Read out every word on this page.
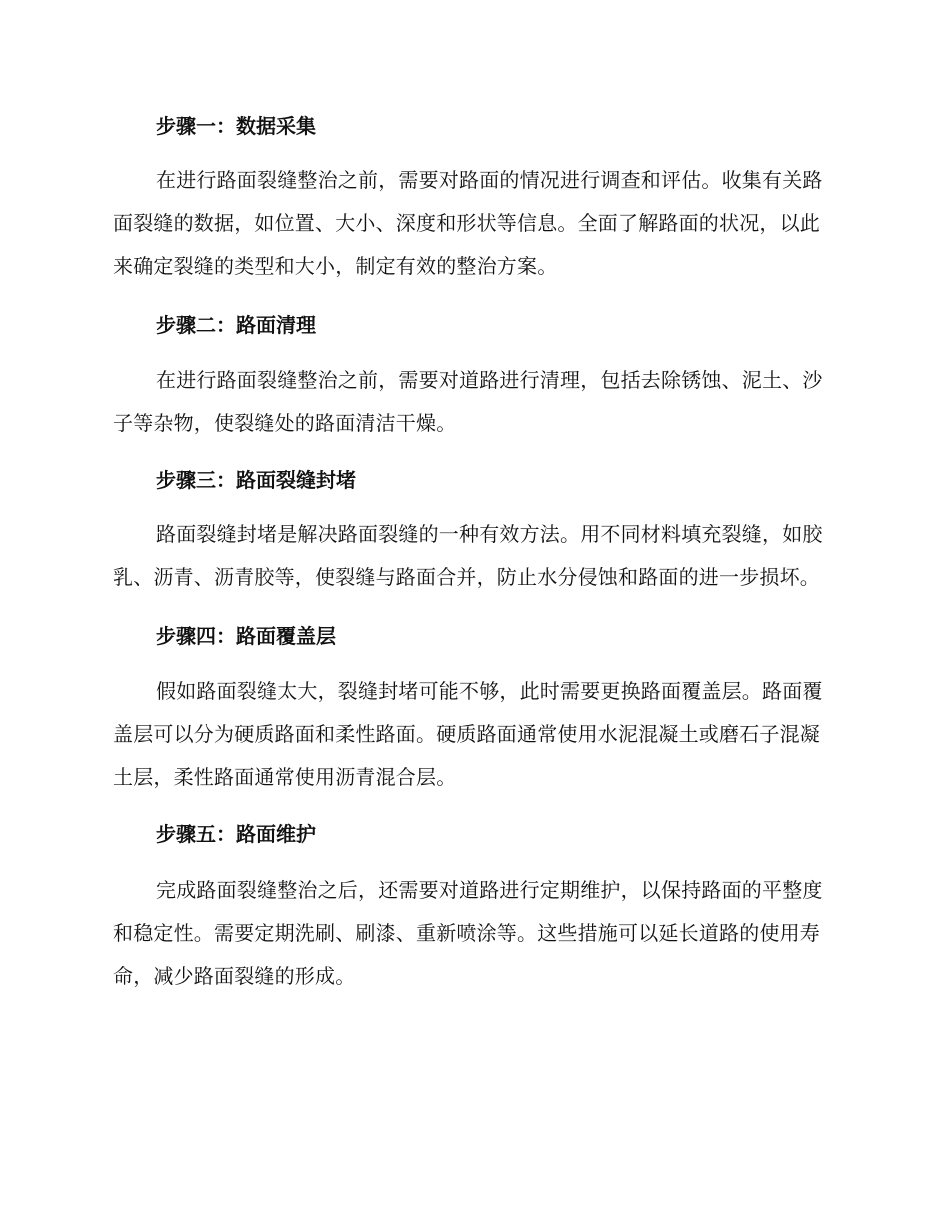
步骤一：数据采集

在进行路面裂缝整治之前，需要对路面的情况进行调查和评估。收集有关路面裂缝的数据，如位置、大小、深度和形状等信息。全面了解路面的状况，以此来确定裂缝的类型和大小，制定有效的整治方案。

步骤二：路面清理

在进行路面裂缝整治之前，需要对道路进行清理，包括去除锈蚀、泥土、沙子等杂物，使裂缝处的路面清洁干燥。

步骤三：路面裂缝封堵

路面裂缝封堵是解决路面裂缝的一种有效方法。用不同材料填充裂缝，如胶乳、沥青、沥青胶等，使裂缝与路面合并，防止水分侵蚀和路面的进一步损坏。

步骤四：路面覆盖层

假如路面裂缝太大，裂缝封堵可能不够，此时需要更换路面覆盖层。路面覆盖层可以分为硬质路面和柔性路面。硬质路面通常使用水泥混凝土或磨石子混凝土层，柔性路面通常使用沥青混合层。

步骤五：路面维护

完成路面裂缝整治之后，还需要对道路进行定期维护，以保持路面的平整度和稳定性。需要定期洗刷、刷漆、重新喷涂等。这些措施可以延长道路的使用寿命，减少路面裂缝的形成。
